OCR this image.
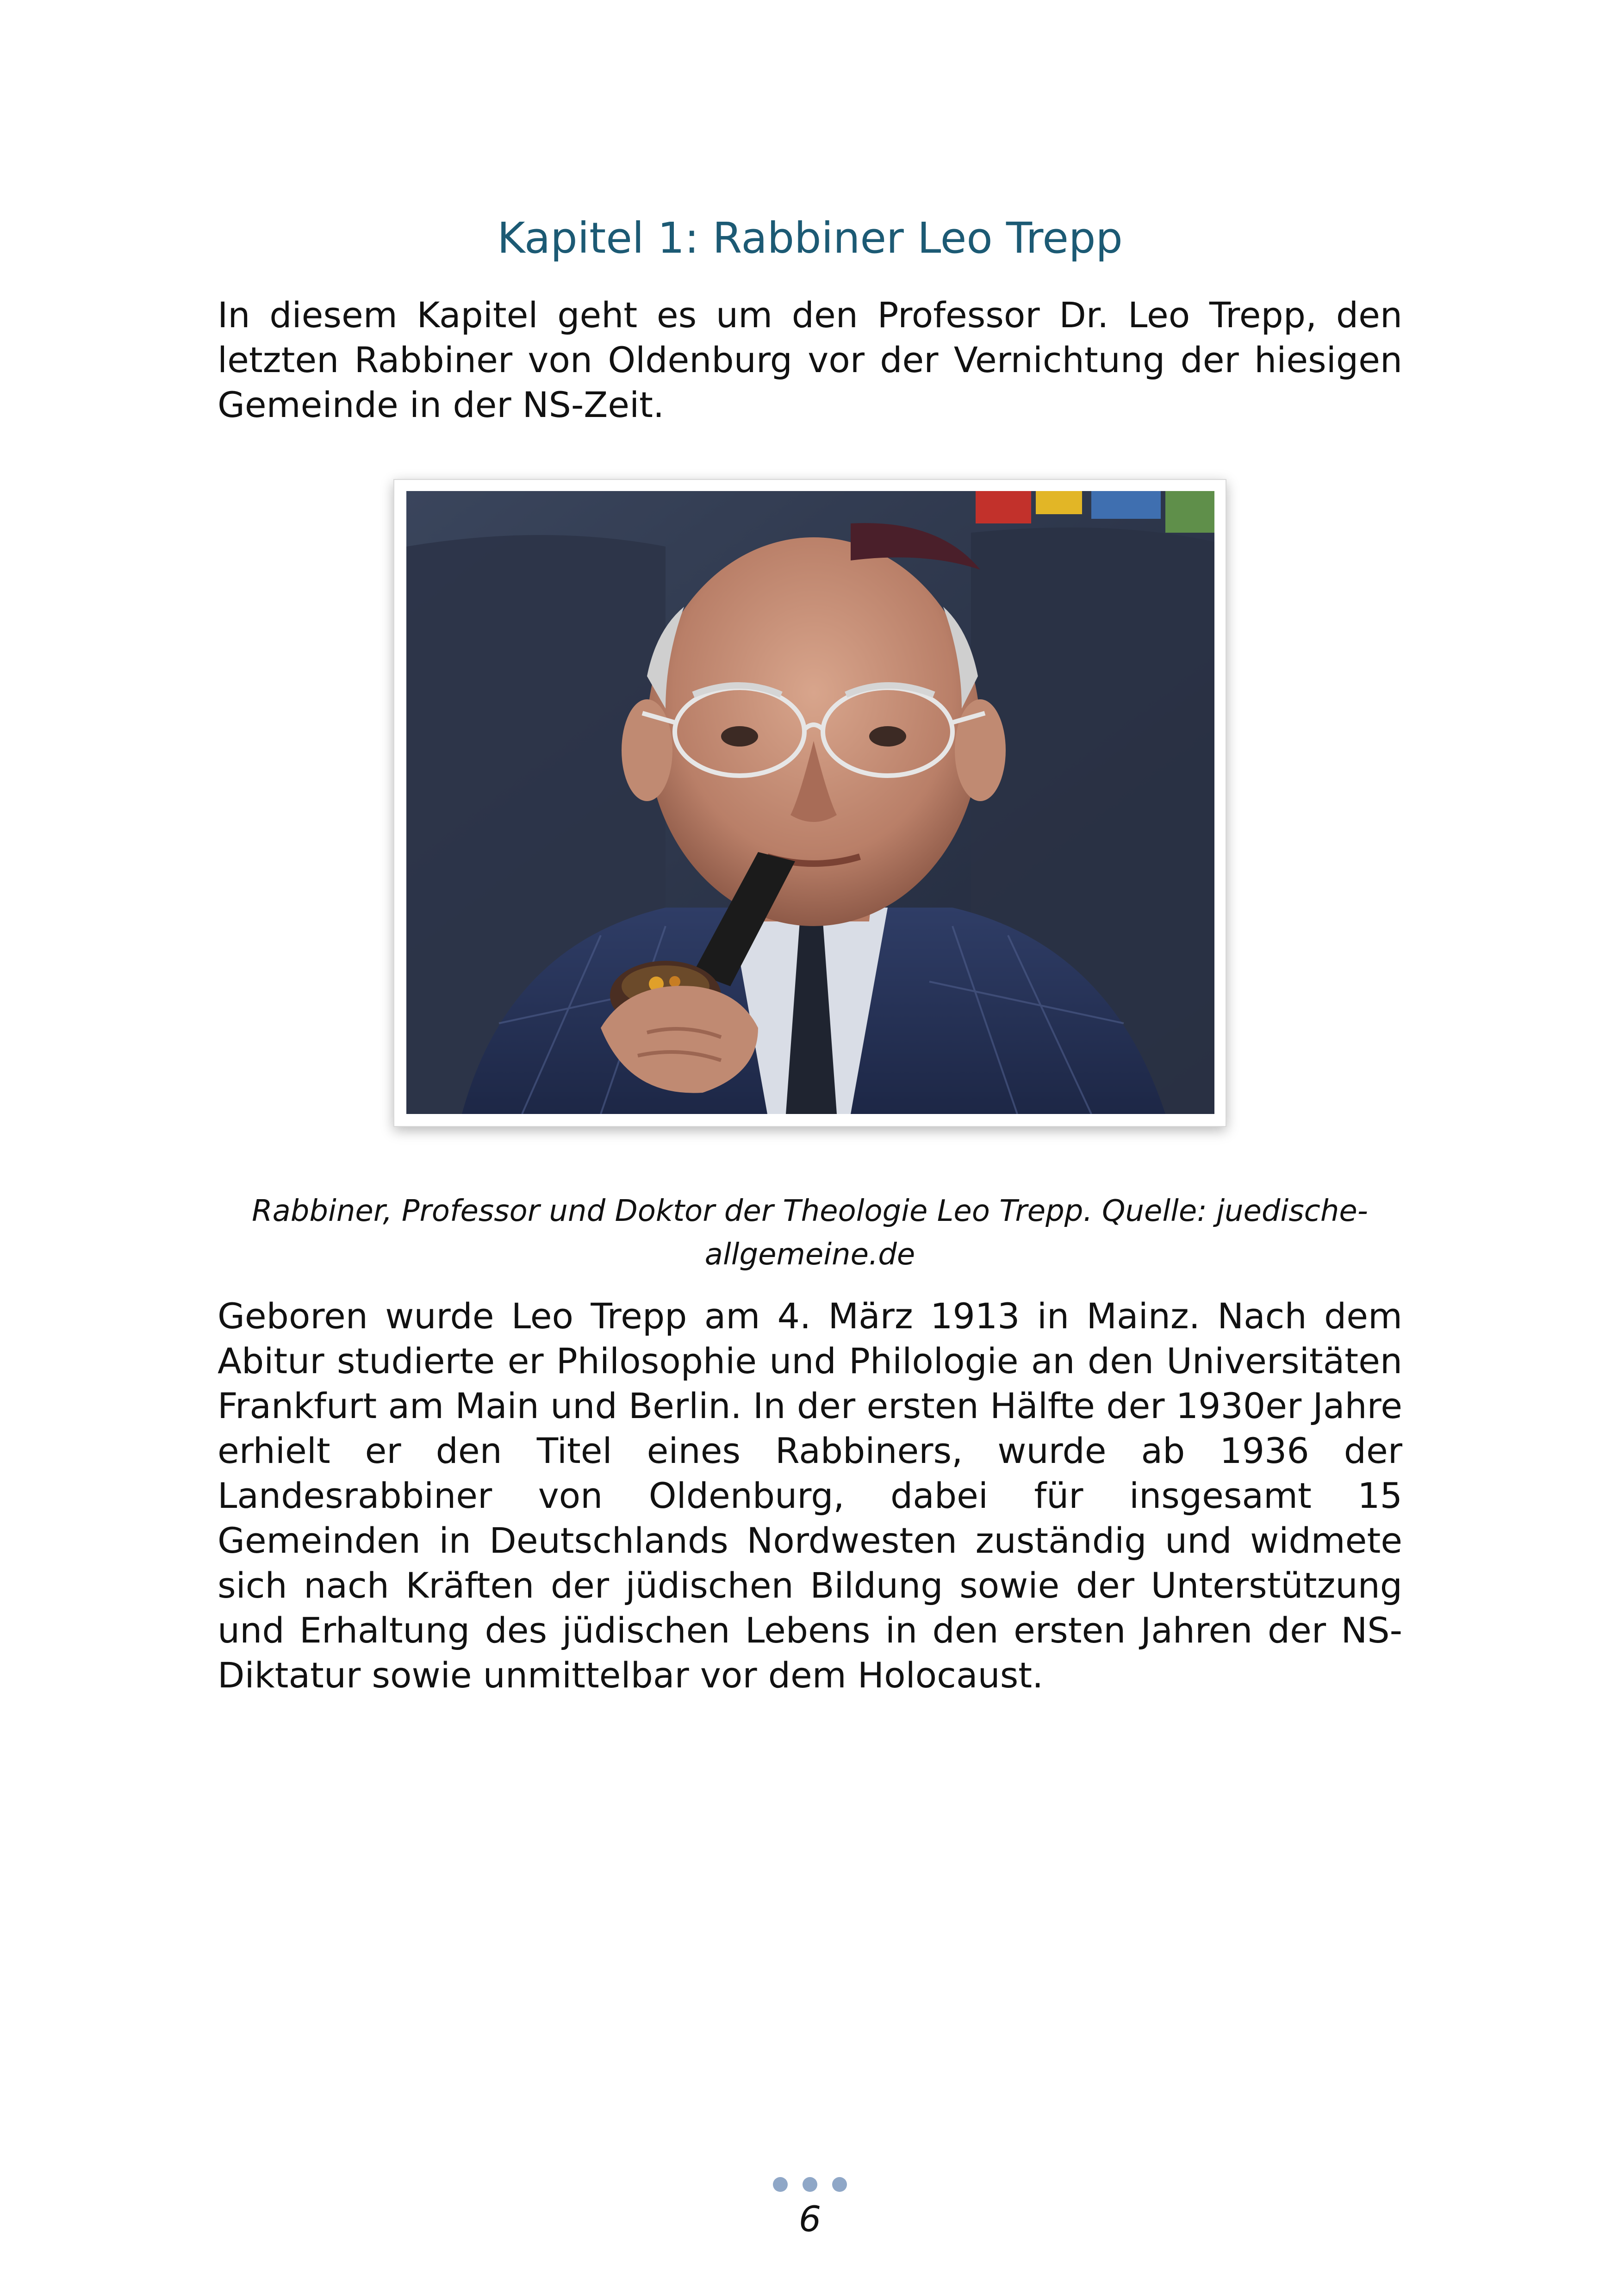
Kapitel 1: Rabbiner Leo Trepp

In diesem Kapitel geht es um den Professor Dr. Leo Trepp, den letzten Rabbiner von Oldenburg vor der Vernichtung der hiesigen Gemeinde in der NS-Zeit.

Rabbiner, Professor und Doktor der Theologie Leo Trepp. Quelle: juedische-allgemeine.de

Geboren wurde Leo Trepp am 4. März 1913 in Mainz. Nach dem Abitur studierte er Philosophie und Philologie an den Universitäten Frankfurt am Main und Berlin. In der ersten Hälfte der 1930er Jahre erhielt er den Titel eines Rabbiners, wurde ab 1936 der Landesrabbiner von Oldenburg, dabei für insgesamt 15 Gemeinden in Deutschlands Nordwesten zuständig und widmete sich nach Kräften der jüdischen Bildung sowie der Unterstützung und Erhaltung des jüdischen Lebens in den ersten Jahren der NS-Diktatur sowie unmittelbar vor dem Holocaust.

6
